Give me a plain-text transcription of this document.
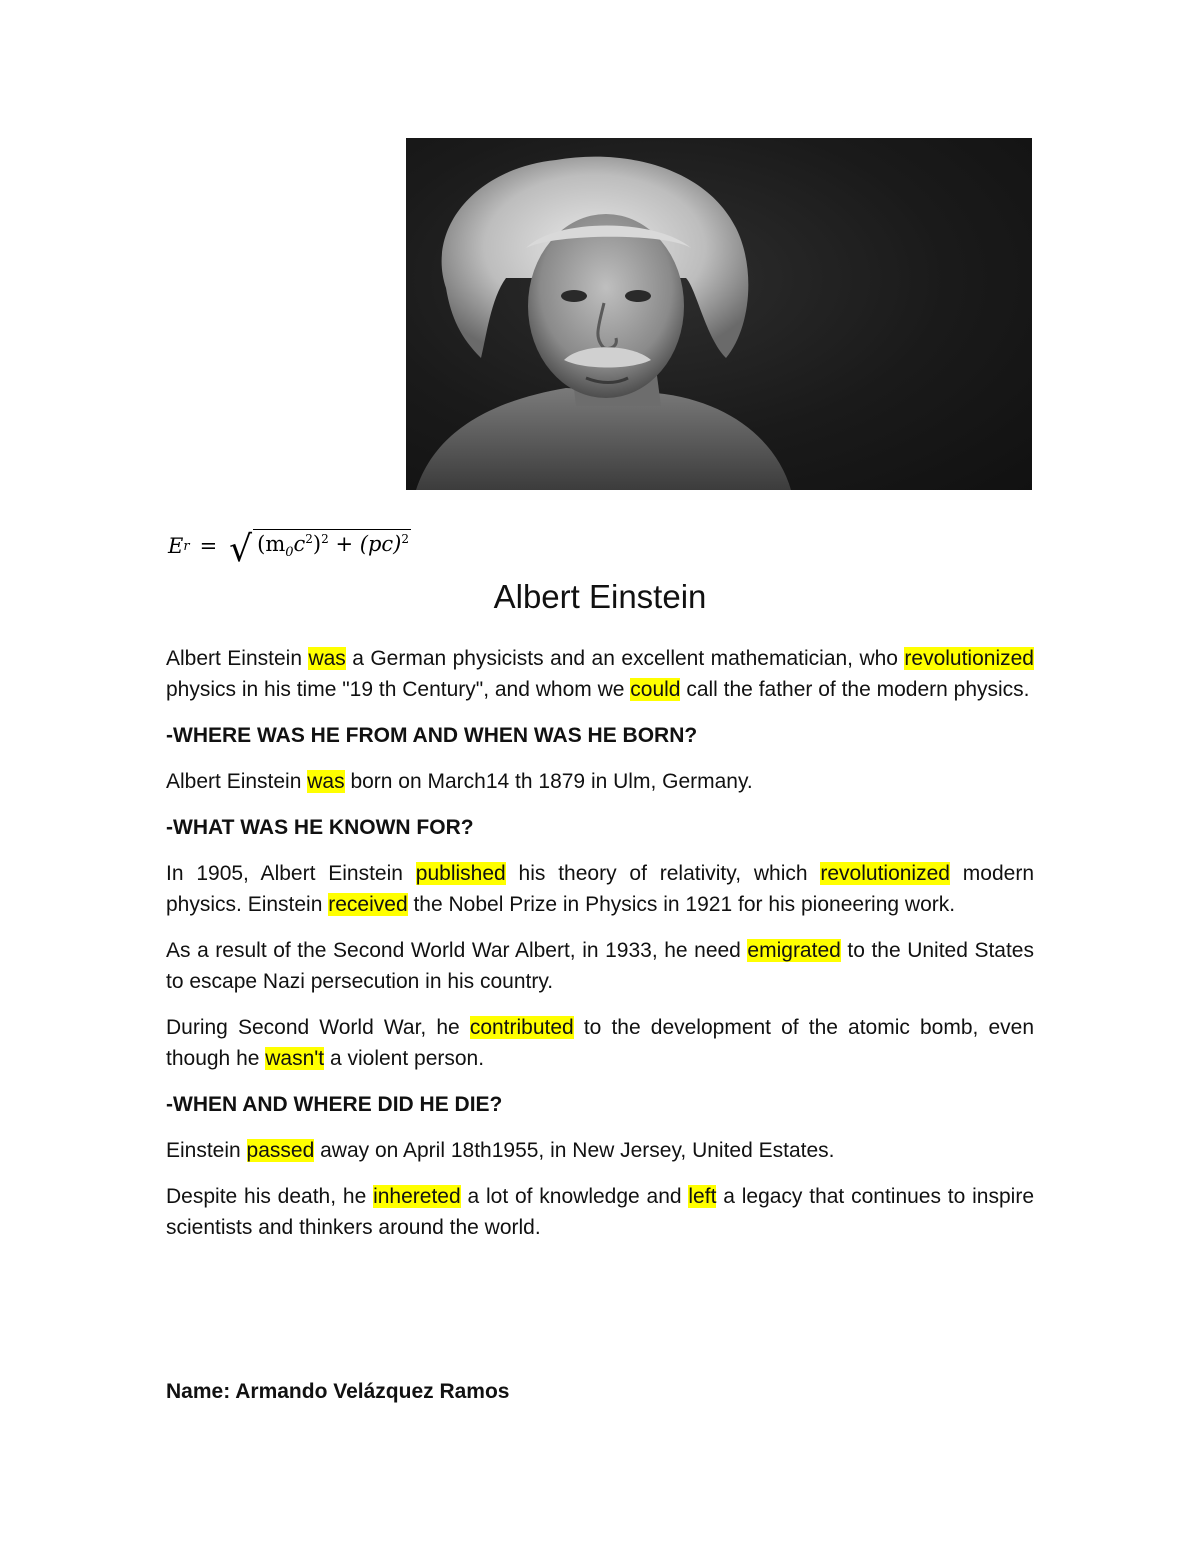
E r = √ $(m_0c^2)^2 + (pc)^2$
Albert Einstein

Albert Einstein was a German physicists and an excellent mathematician, who revolutionized physics in his time "19 th Century", and whom we could call the father of the modern physics.

-WHERE WAS HE FROM AND WHEN WAS HE BORN?

Albert Einstein was born on March14 th 1879 in Ulm, Germany.

-WHAT WAS HE KNOWN FOR?

In 1905, Albert Einstein published his theory of relativity, which revolutionized modern physics. Einstein received the Nobel Prize in Physics in 1921 for his pioneering work.

As a result of the Second World War Albert, in 1933, he need emigrated to the United States to escape Nazi persecution in his country.

During Second World War, he contributed to the development of the atomic bomb, even though he wasn't a violent person.

-WHEN AND WHERE DID HE DIE?

Einstein passed away on April 18th1955, in New Jersey, United Estates.

Despite his death, he inhereted a lot of knowledge and left a legacy that continues to inspire scientists and thinkers around the world.

Name: Armando Velázquez Ramos
